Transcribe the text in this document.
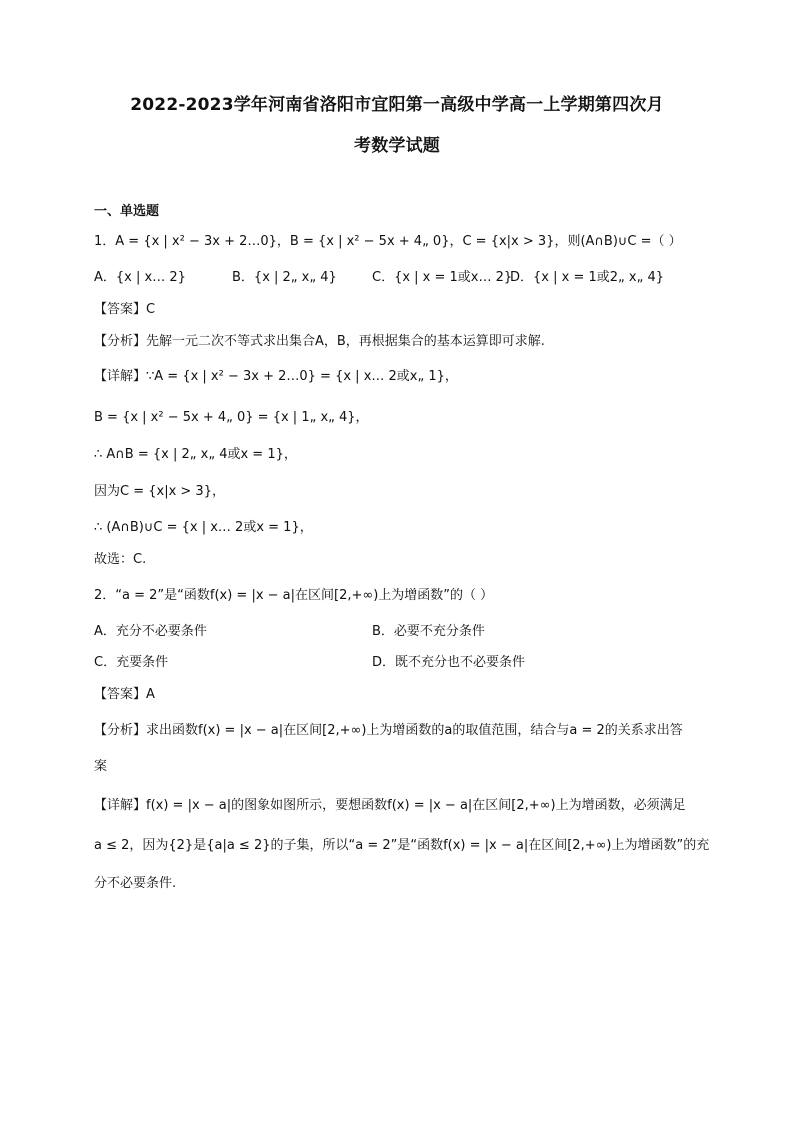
2022-2023学年河南省洛阳市宜阳第一高级中学高一上学期第四次月
考数学试题
一、单选题
1．A = {x | x² − 3x + 2…0}，B = {x | x² − 5x + 4„ 0}，C = {x|x > 3}，则(A∩B)∪C =（ ）
A．{x | x… 2}	B．{x | 2„ x„ 4}	C．{x | x = 1或x… 2}
D．{x | x = 1或2„ x„ 4}
【答案】C
【分析】先解一元二次不等式求出集合A，B，再根据集合的基本运算即可求解.
【详解】∵A = {x | x² − 3x + 2…0} = {x | x… 2或x„ 1}，
B = {x | x² − 5x + 4„ 0} = {x | 1„ x„ 4}，
∴ A∩B = {x | 2„ x„ 4或x = 1}，
因为C = {x|x > 3}，
∴ (A∩B)∪C = {x | x… 2或x = 1}，
故选：C.
2．“a = 2”是“函数f(x) = |x − a|在区间[2,+∞)上为增函数”的（ ）
A．充分不必要条件	B．必要不充分条件
C．充要条件	D．既不充分也不必要条件
【答案】A
【分析】求出函数f(x) = |x − a|在区间[2,+∞)上为增函数的a的取值范围，结合与a = 2的关系求出答
案
【详解】f(x) = |x − a|的图象如图所示，要想函数f(x) = |x − a|在区间[2,+∞)上为增函数，必须满足
a ≤ 2，因为{2}是{a|a ≤ 2}的子集，所以“a = 2”是“函数f(x) = |x − a|在区间[2,+∞)上为增函数”的充
分不必要条件.
